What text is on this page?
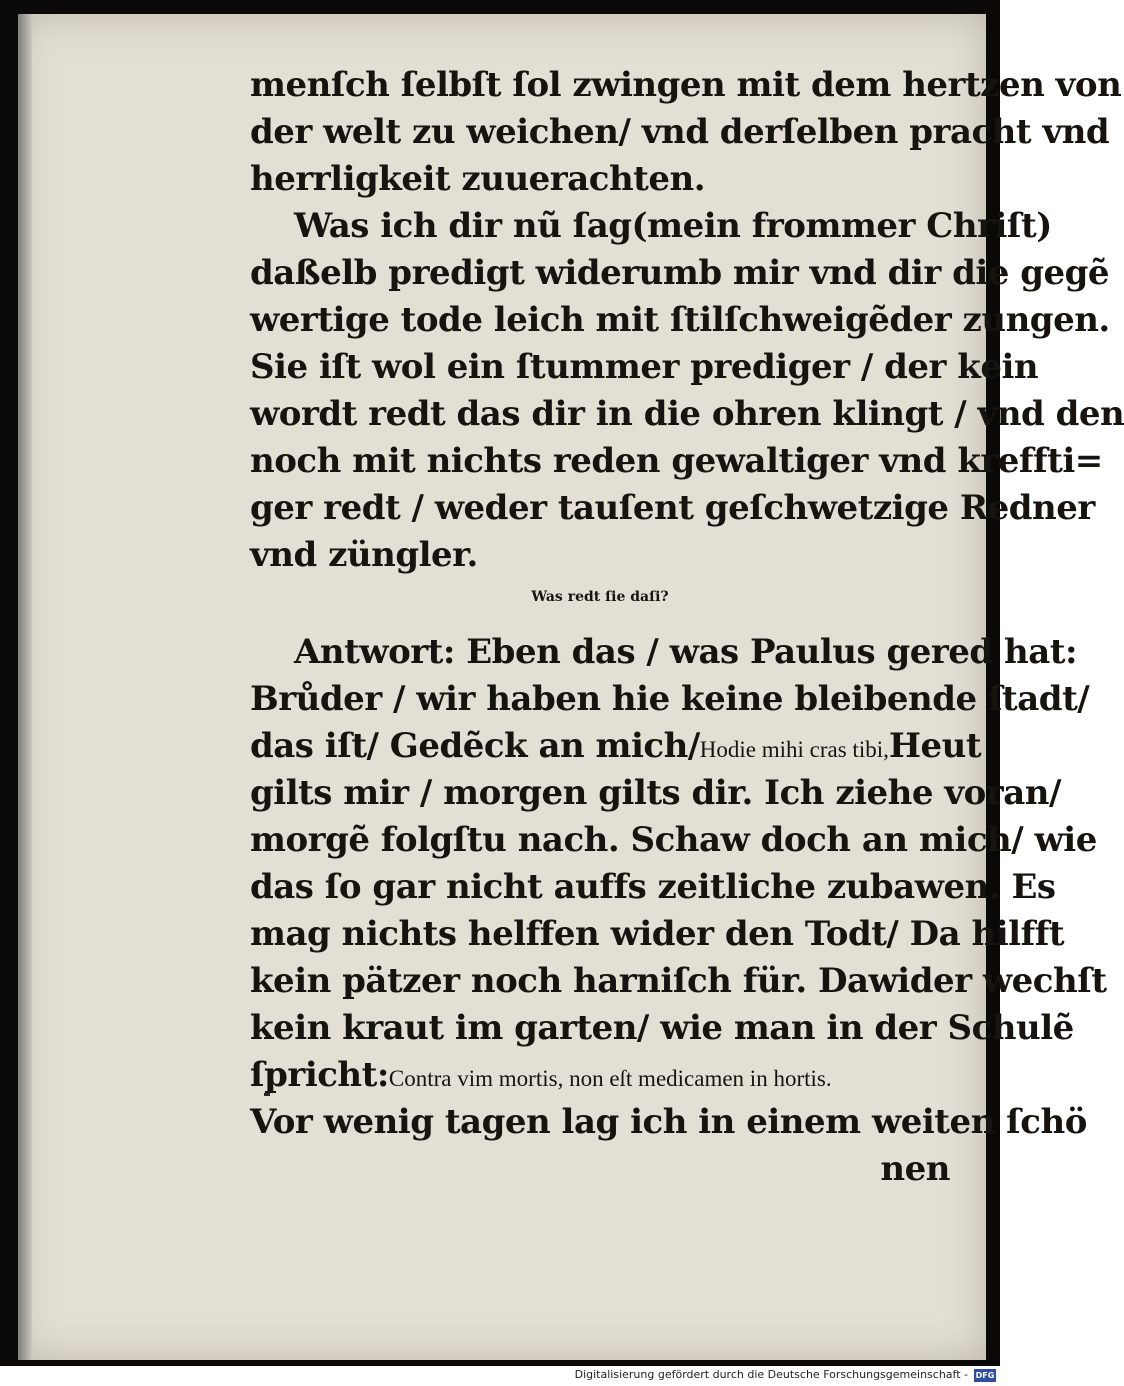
menſch ſelbſt ſol zwingen mit dem hertzen von
der welt zu weichen/ vnd derſelben pracht vnd
herrligkeit zuuerachten.
Was ich dir nũ ſag(mein frommer Chriſt)
daßelb predigt widerumb mir vnd dir die gegẽ
wertige tode leich mit ſtilſchweigẽder zungen.
Sie iſt wol ein ſtummer prediger / der kein
wordt redt das dir in die ohren klingt / vnd den
noch mit nichts reden gewaltiger vnd kreffti=
ger redt / weder tauſent geſchwetzige Redner
vnd züngler.
Was redt ſie daſi?
Antwort: Eben das / was Paulus gered hat:
Brůder / wir haben hie keine bleibende ſtadt/
das iſt/ Gedẽck an mich/Hodie mihi cras tibi,Heut
gilts mir / morgen gilts dir. Ich ziehe voran/
morgẽ folgſtu nach. Schaw doch an mich/ wie
das ſo gar nicht auffs zeitliche zubawen. Es
mag nichts helffen wider den Todt/ Da hilfft
kein pätzer noch harniſch für. Dawider wechſt
kein kraut im garten/ wie man in der Schulẽ
ſpricht:Contra vim mortis, non eſt medicamen in hortis.
Vor wenig tagen lag ich in einem weiten ſchö
nen
Digitalisierung gefördert durch die Deutsche Forschungsgemeinschaft - DFG
